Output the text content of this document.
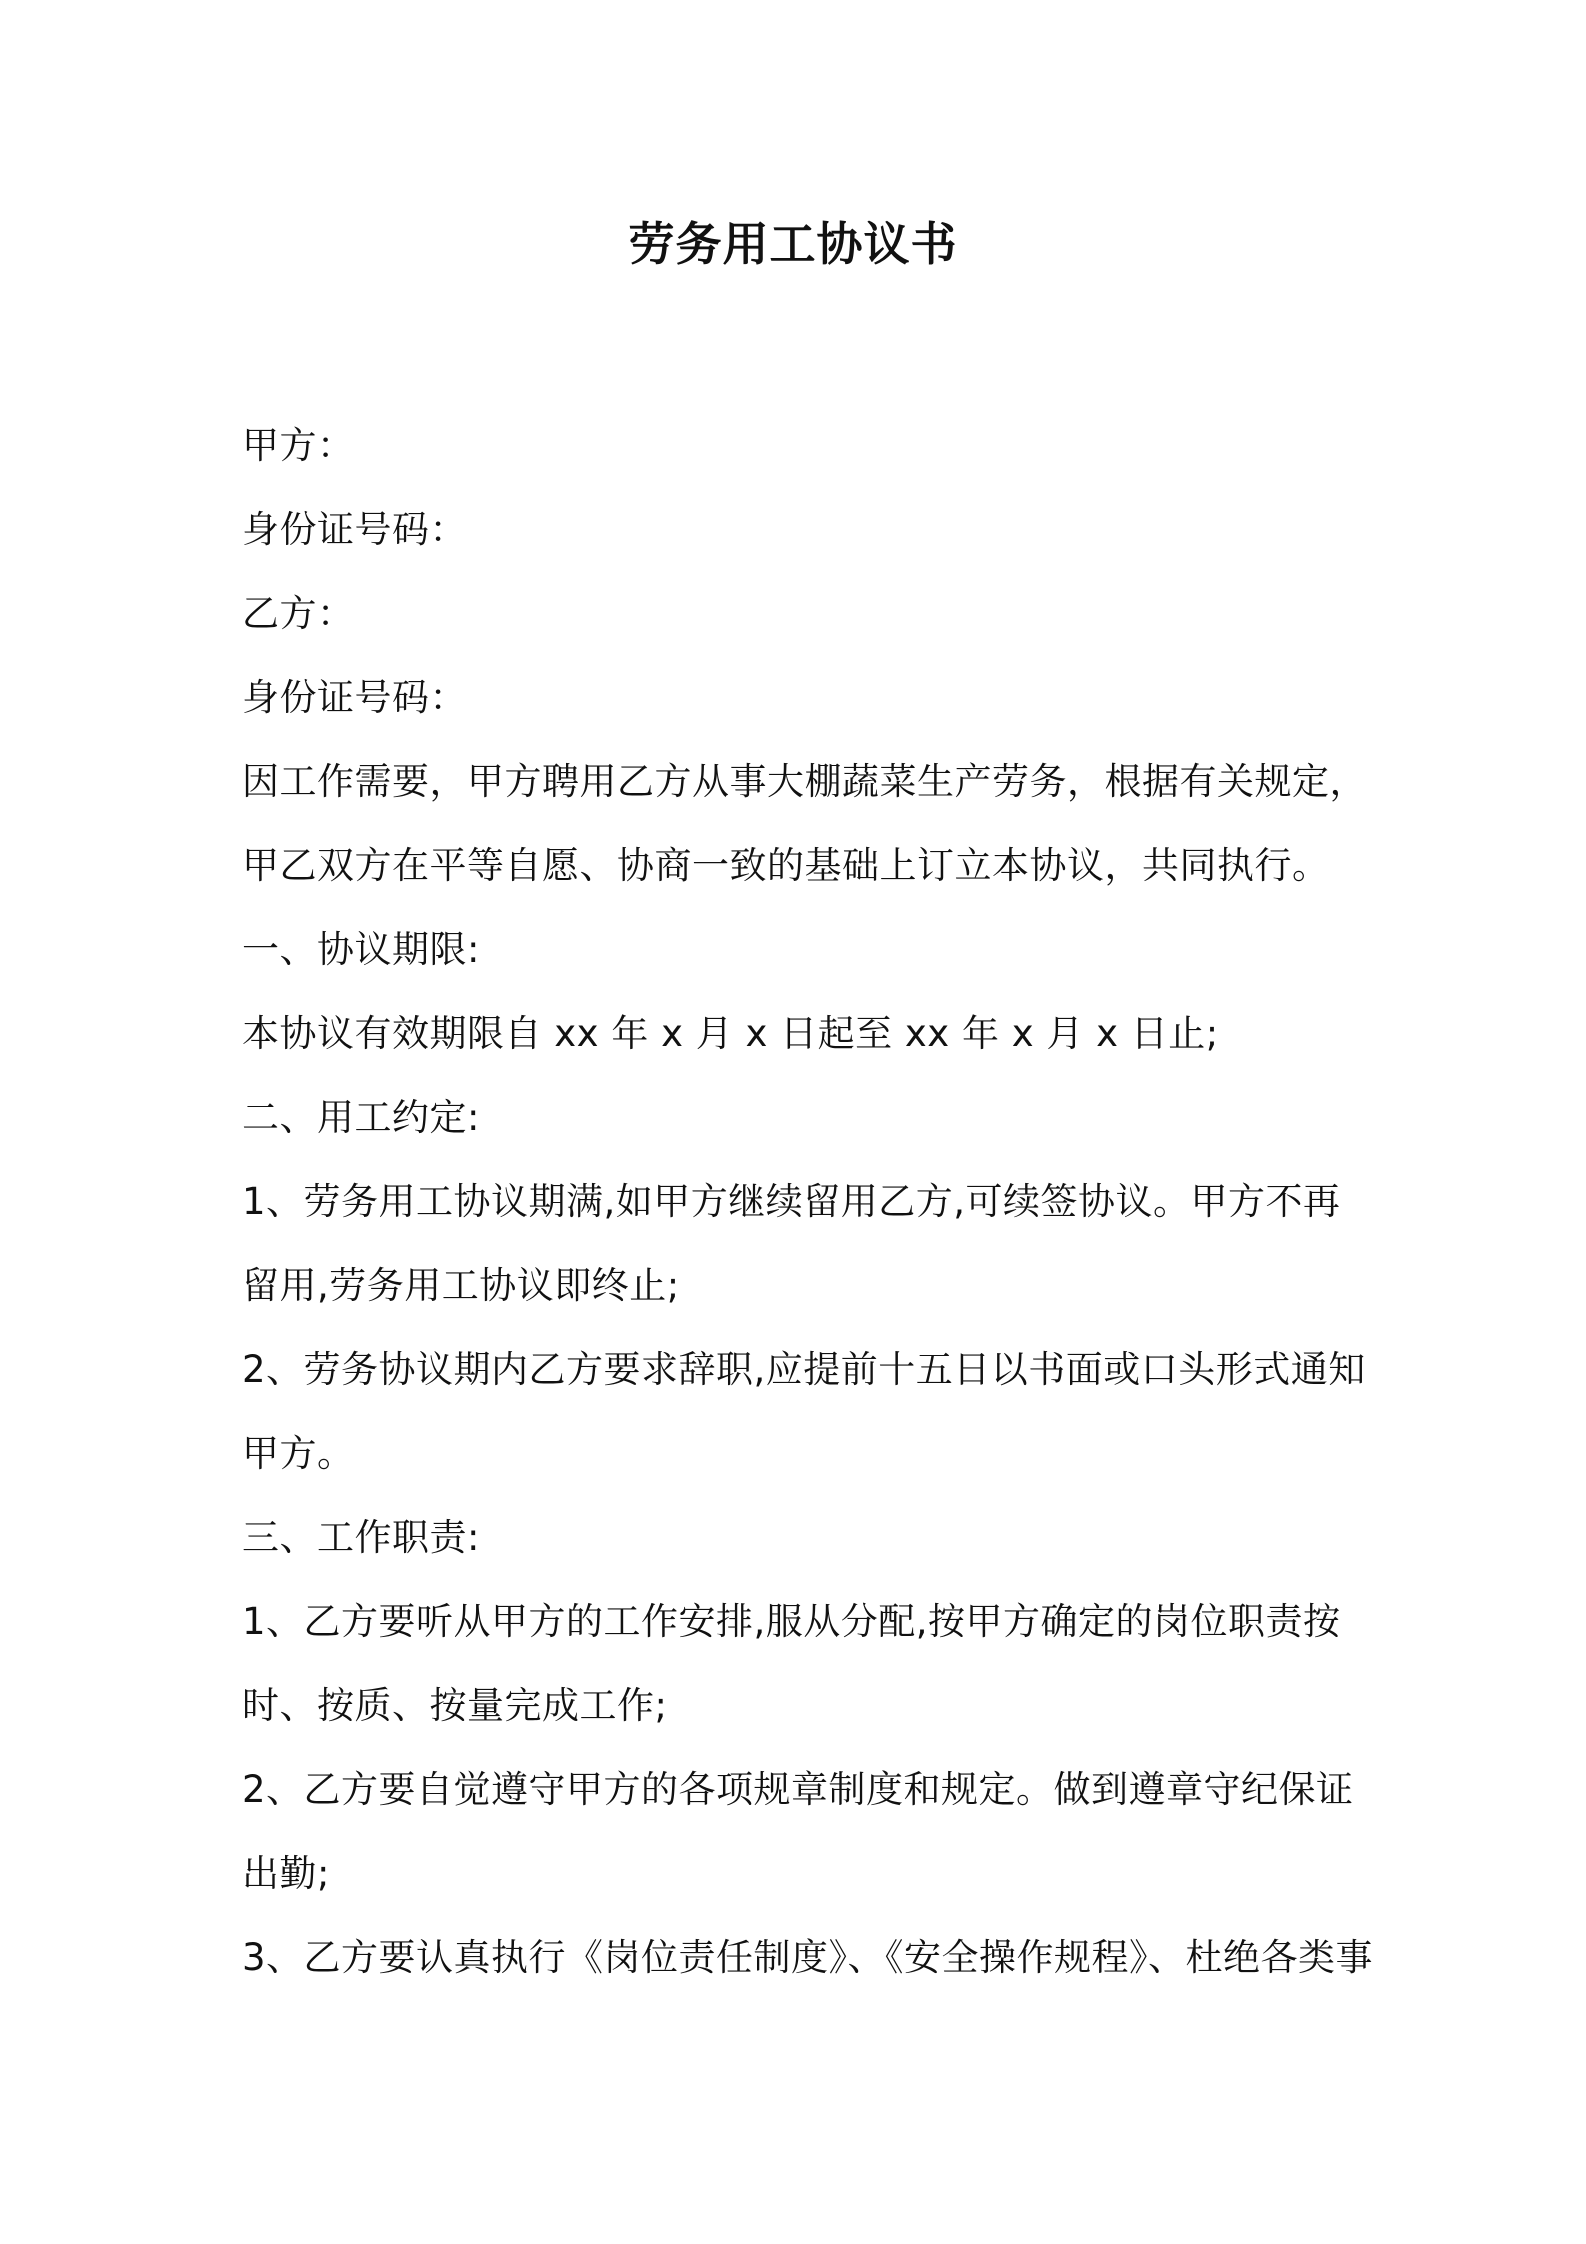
劳务用工协议书
甲方：
身份证号码：
乙方：
身份证号码：
因工作需要，甲方聘用乙方从事大棚蔬菜生产劳务，根据有关规定，
甲乙双方在平等自愿、协商一致的基础上订立本协议，共同执行。
一、协议期限:
本协议有效期限自 xx 年 x 月 x 日起至 xx 年 x 月 x 日止;
二、用工约定:
1、劳务用工协议期满,如甲方继续留用乙方,可续签协议。甲方不再
留用,劳务用工协议即终止;
2、劳务协议期内乙方要求辞职,应提前十五日以书面或口头形式通知
甲方。
三、工作职责:
1、乙方要听从甲方的工作安排,服从分配,按甲方确定的岗位职责按
时、按质、按量完成工作;
2、乙方要自觉遵守甲方的各项规章制度和规定。做到遵章守纪保证
出勤;
3、乙方要认真执行《岗位责任制度》、《安全操作规程》、杜绝各类事
